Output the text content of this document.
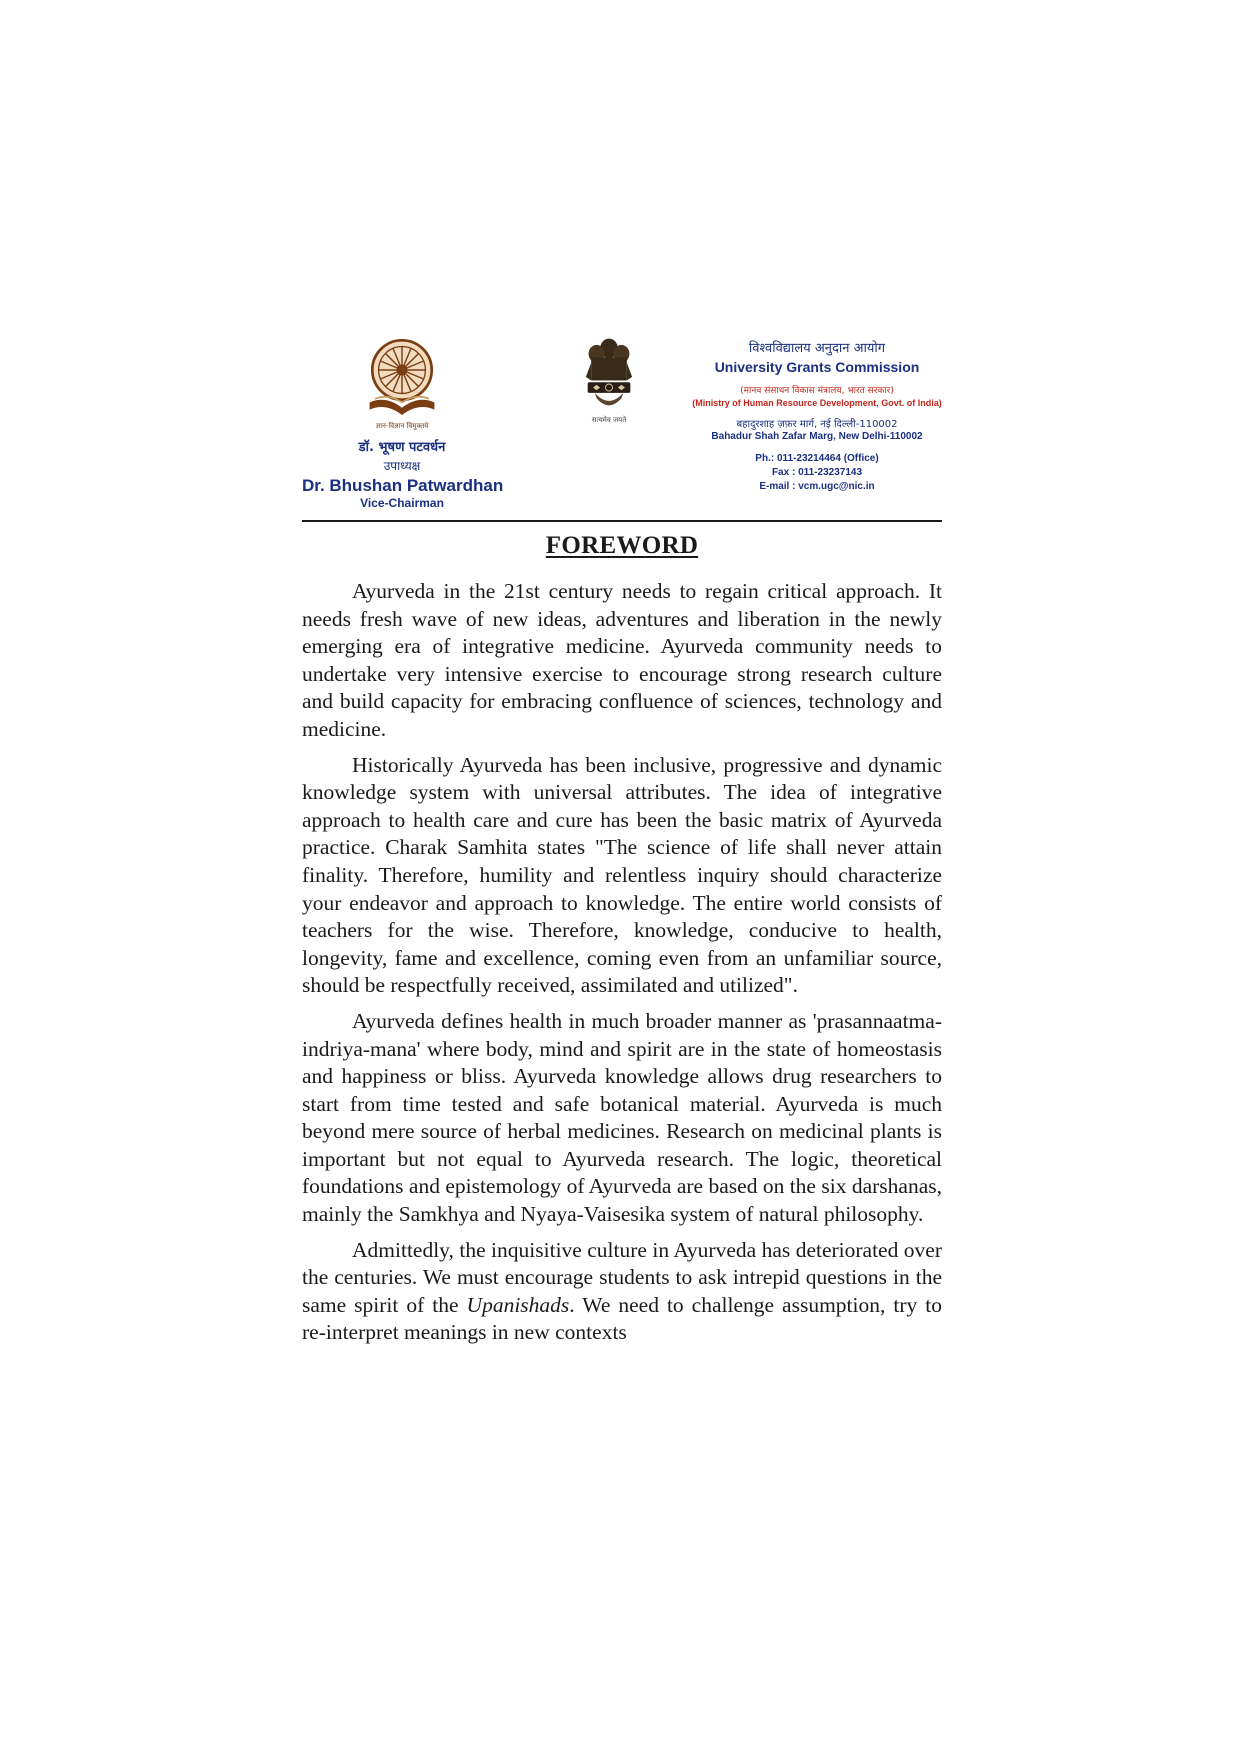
ज्ञान-विज्ञान विमुक्तये
डॉ. भूषण पटवर्धन
उपाध्यक्ष
Dr. Bhushan Patwardhan
Vice-Chairman
सत्यमेव जयते
विश्वविद्यालय अनुदान आयोग
University Grants Commission
(मानव संसाधन विकास मंत्रालय, भारत सरकार)
(Ministry of Human Resource Development, Govt. of India)
बहादुरशाह ज़फ़र मार्ग, नई दिल्ली-110002
Bahadur Shah Zafar Marg, New Delhi-110002
Ph.: 011-23214464 (Office)
Fax : 011-23237143
E-mail : vcm.ugc@nic.in
FOREWORD

Ayurveda in the 21st century needs to regain critical approach. It needs fresh wave of new ideas, adventures and liberation in the newly emerging era of integrative medicine. Ayurveda community needs to undertake very intensive exercise to encourage strong research culture and build capacity for embracing confluence of sciences, technology and medicine.

Historically Ayurveda has been inclusive, progressive and dynamic knowledge system with universal attributes. The idea of integrative approach to health care and cure has been the basic matrix of Ayurveda practice. Charak Samhita states "The science of life shall never attain finality. Therefore, humility and relentless inquiry should characterize your endeavor and approach to knowledge. The entire world consists of teachers for the wise. Therefore, knowledge, conducive to health, longevity, fame and excellence, coming even from an unfamiliar source, should be respectfully received, assimilated and utilized".

Ayurveda defines health in much broader manner as 'prasannaatma-indriya-mana' where body, mind and spirit are in the state of homeostasis and happiness or bliss. Ayurveda knowledge allows drug researchers to start from time tested and safe botanical material. Ayurveda is much beyond mere source of herbal medicines. Research on medicinal plants is important but not equal to Ayurveda research. The logic, theoretical foundations and epistemology of Ayurveda are based on the six darshanas, mainly the Samkhya and Nyaya-Vaisesika system of natural philosophy.

Admittedly, the inquisitive culture in Ayurveda has deteriorated over the centuries. We must encourage students to ask intrepid questions in the same spirit of the Upanishads. We need to challenge assumption, try to re-interpret meanings in new contexts
